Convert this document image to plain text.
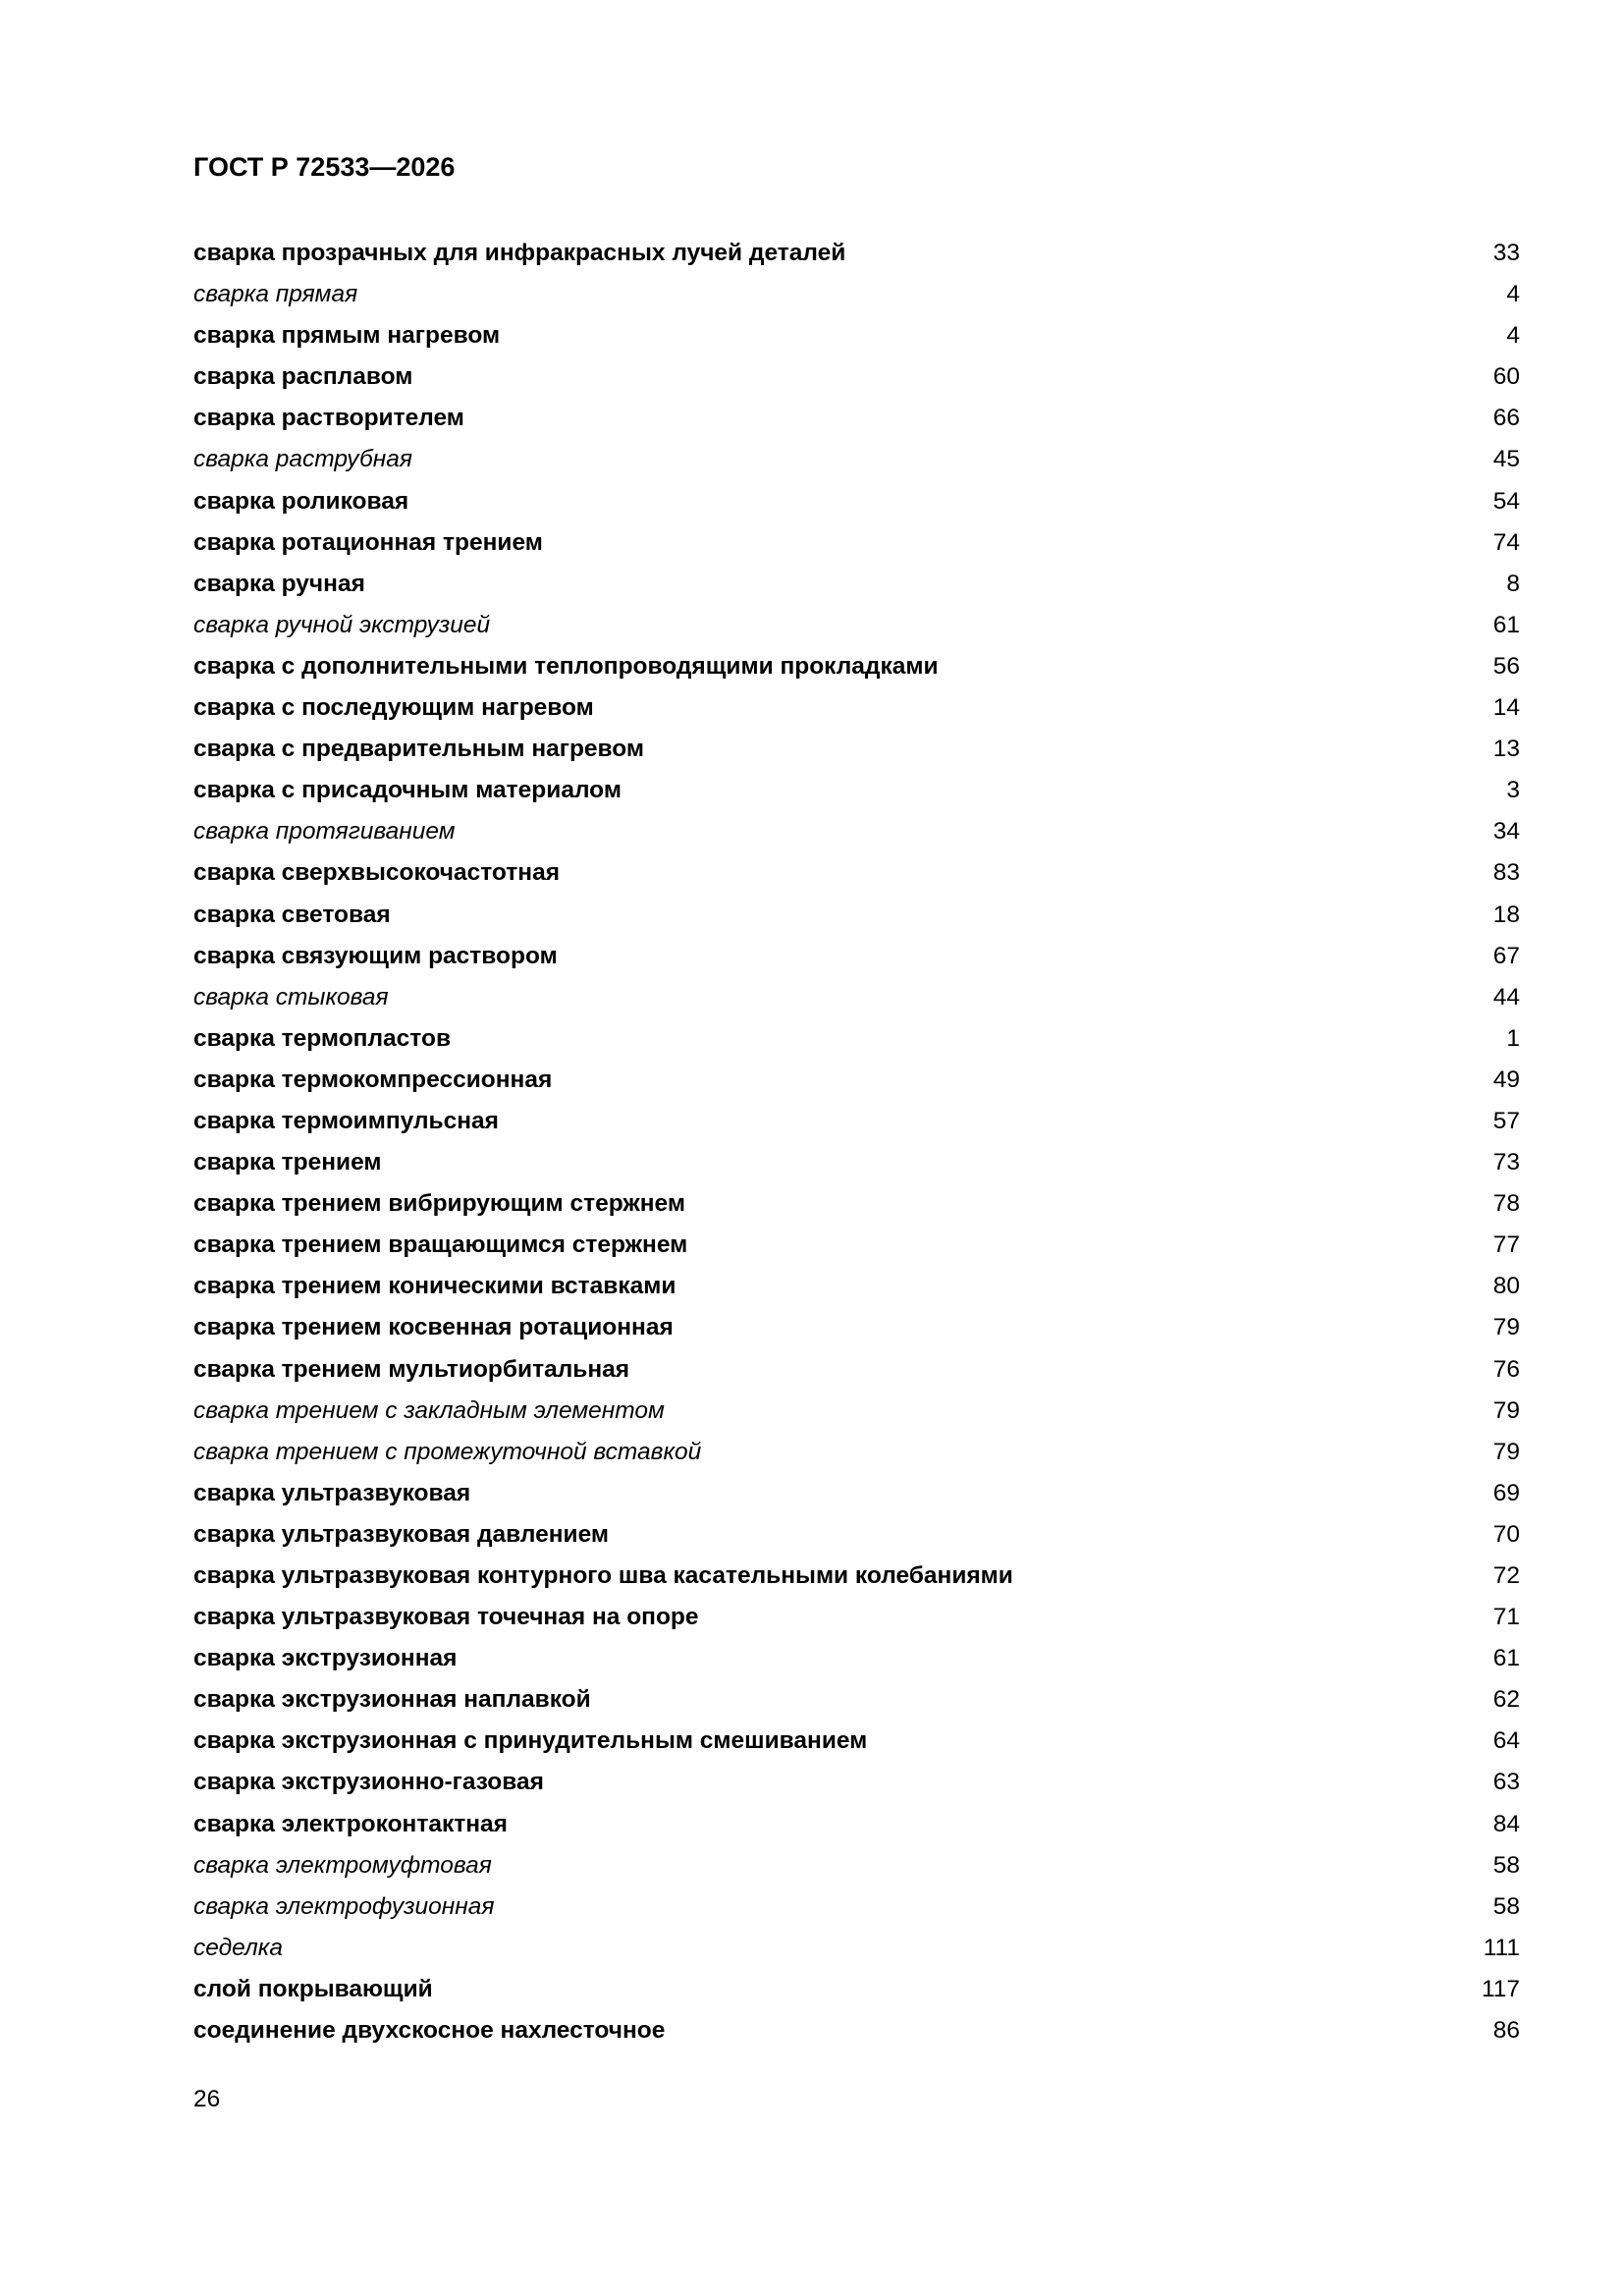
ГОСТ Р 72533—2026
сварка прозрачных для инфракрасных лучей деталей	33
сварка прямая	4
сварка прямым нагревом	4
сварка расплавом	60
сварка растворителем	66
сварка раструбная	45
сварка роликовая	54
сварка ротационная трением	74
сварка ручная	8
сварка ручной экструзией	61
сварка с дополнительными теплопроводящими прокладками	56
сварка с последующим нагревом	14
сварка с предварительным нагревом	13
сварка с присадочным материалом	3
сварка протягиванием	34
сварка сверхвысокочастотная	83
сварка световая	18
сварка связующим раствором	67
сварка стыковая	44
сварка термопластов	1
сварка термокомпрессионная	49
сварка термоимпульсная	57
сварка трением	73
сварка трением вибрирующим стержнем	78
сварка трением вращающимся стержнем	77
сварка трением коническими вставками	80
сварка трением косвенная ротационная	79
сварка трением мультиорбитальная	76
сварка трением с закладным элементом	79
сварка трением с промежуточной вставкой	79
сварка ультразвуковая	69
сварка ультразвуковая давлением	70
сварка ультразвуковая контурного шва касательными колебаниями	72
сварка ультразвуковая точечная на опоре	71
сварка экструзионная	61
сварка экструзионная наплавкой	62
сварка экструзионная с принудительным смешиванием	64
сварка экструзионно-газовая	63
сварка электроконтактная	84
сварка электромуфтовая	58
сварка электрофузионная	58
седелка	111
слой покрывающий	117
соединение двухскосное нахлесточное	86
26
